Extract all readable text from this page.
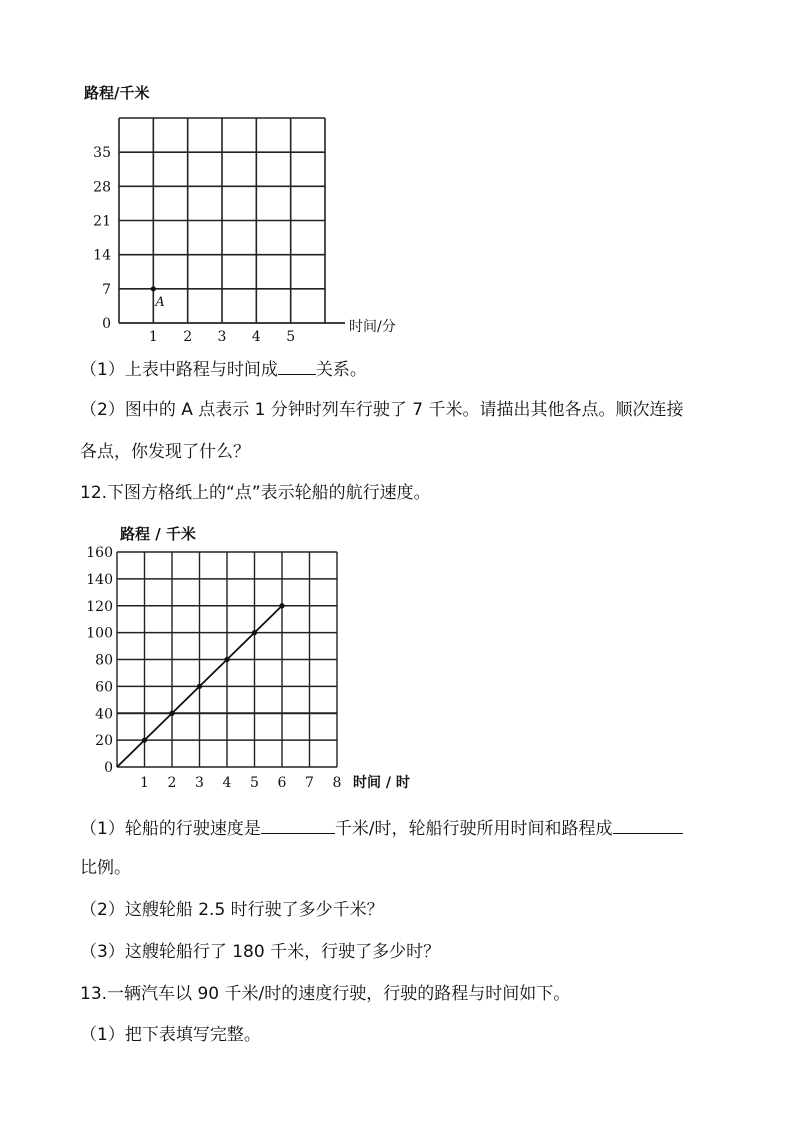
路程/千米
7
14
21
28
35
0
1 2 3 4 5
时间/分
A
（1）上表中路程与时间成 关系。
（2）图中的 A 点表示 1 分钟时列车行驶了 7 千米。请描出其他各点。顺次连接
各点，你发现了什么？
12.下图方格纸上的“点”表示轮船的航行速度。
路程 / 千米
20
40
60
80
100
120
140
160
0
1 2 3 4 5 6 7 8 时间 / 时
（1）轮船的行驶速度是	千米/时，轮船行驶所用时间和路程成
比例。
（2）这艘轮船 2.5 时行驶了多少千米？
（3）这艘轮船行了 180 千米，行驶了多少时？
13.一辆汽车以 90 千米/时的速度行驶，行驶的路程与时间如下。
（1）把下表填写完整。
